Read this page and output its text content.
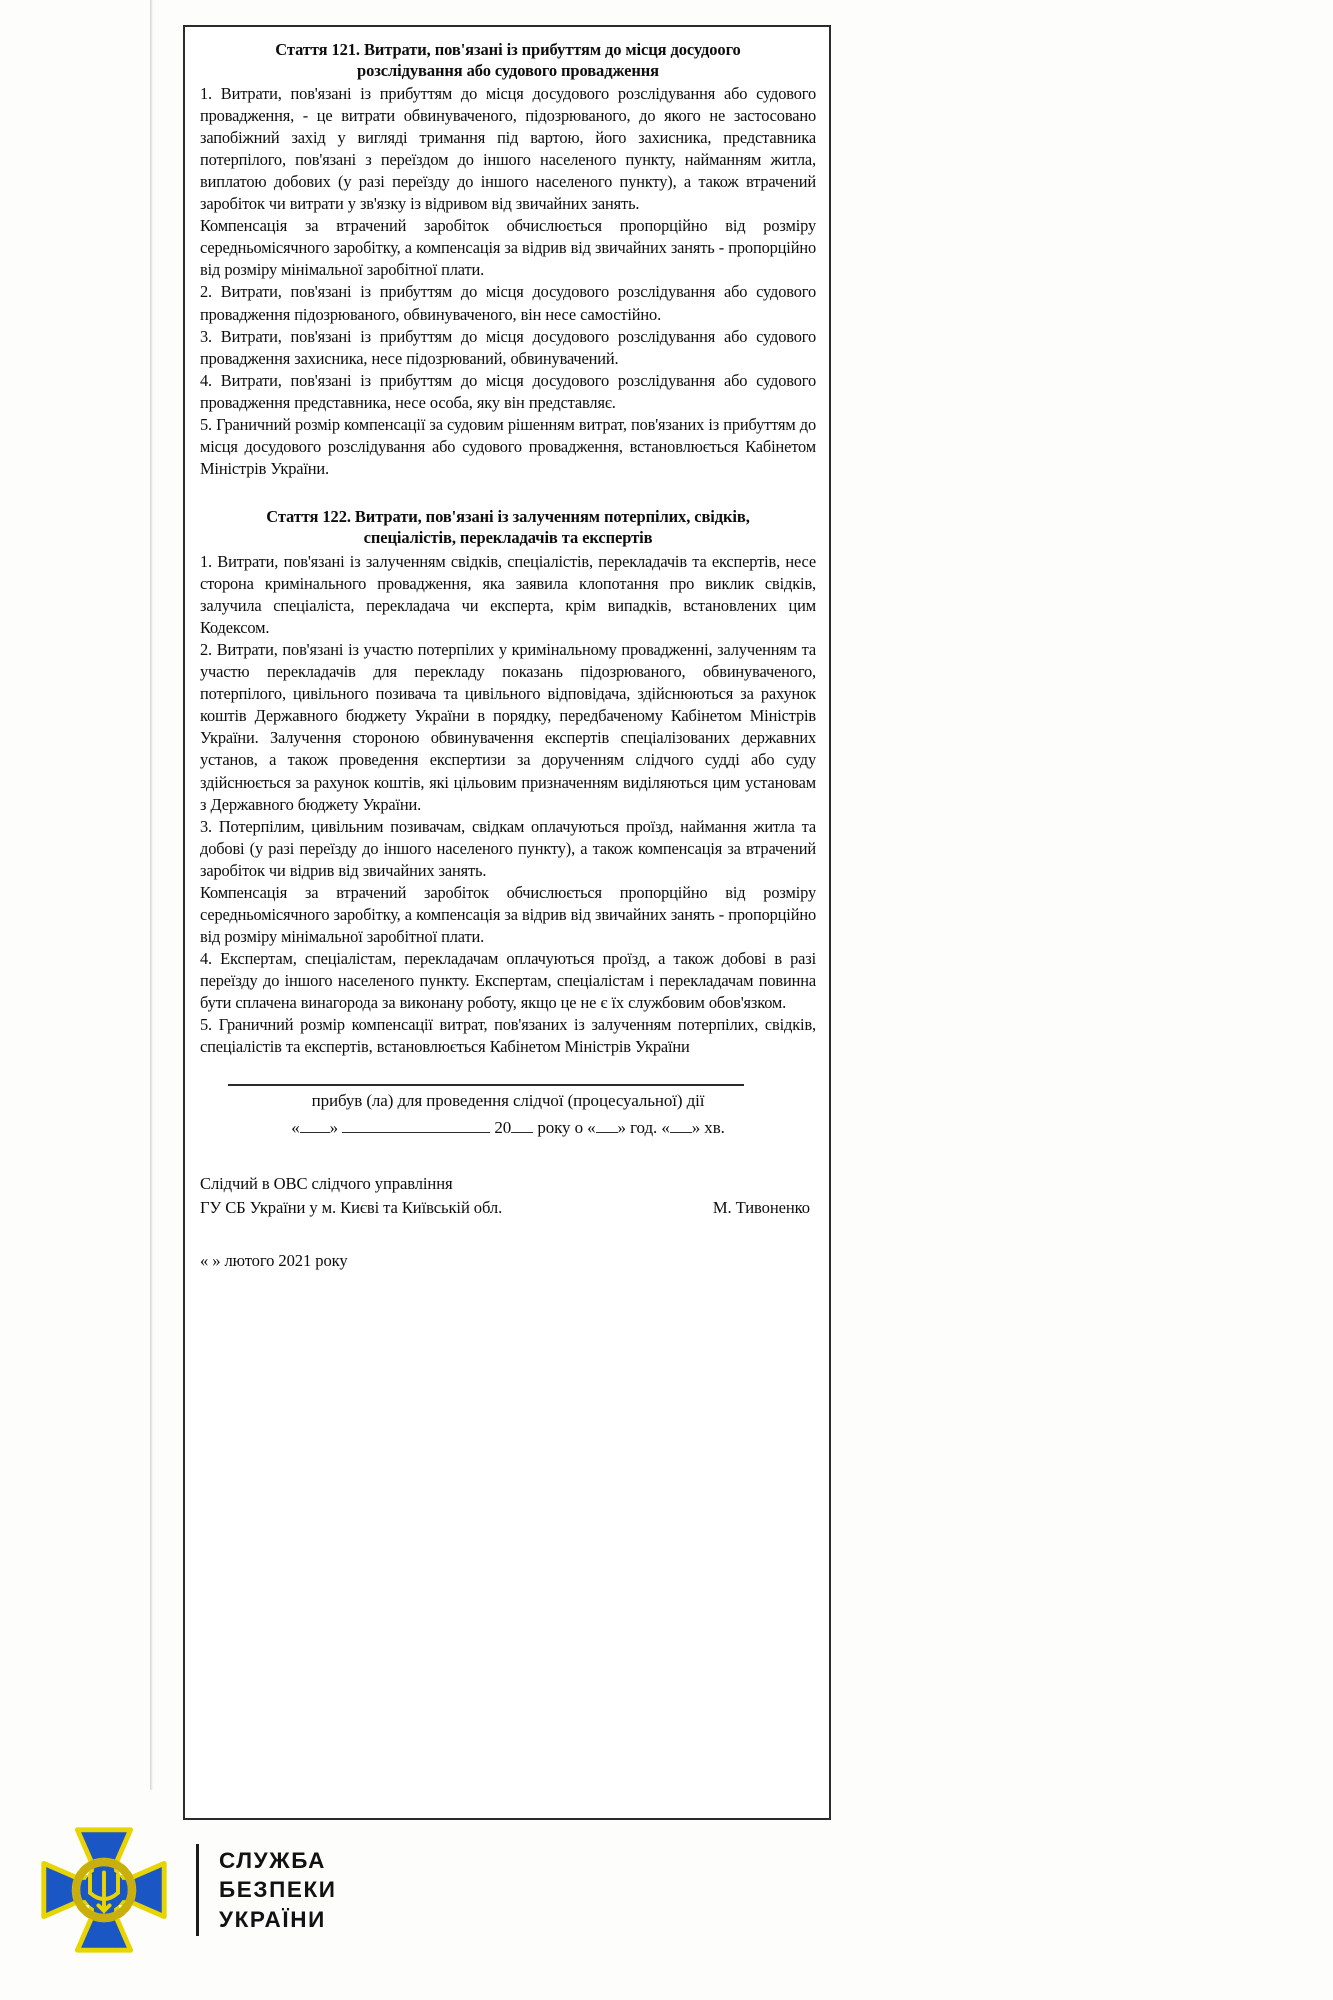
Стаття 121. Витрати, пов'язані із прибуттям до місця досудоого
розслідування або судового провадження

1. Витрати, пов'язані із прибуттям до місця досудового розслідування або судового провадження, - це витрати обвинуваченого, підозрюваного, до якого не застосовано запобіжний захід у вигляді тримання під вартою, його захисника, представника потерпілого, пов'язані з переїздом до іншого населеного пункту, найманням житла, виплатою добових (у разі переїзду до іншого населеного пункту), а також втрачений заробіток чи витрати у зв'язку із відривом від звичайних занять.

Компенсація за втрачений заробіток обчислюється пропорційно від розміру середньомісячного заробітку, а компенсація за відрив від звичайних занять - пропорційно від розміру мінімальної заробітної плати.

2. Витрати, пов'язані із прибуттям до місця досудового розслідування або судового провадження підозрюваного, обвинуваченого, він несе самостійно.

3. Витрати, пов'язані із прибуттям до місця досудового розслідування або судового провадження захисника, несе підозрюваний, обвинувачений.

4. Витрати, пов'язані із прибуттям до місця досудового розслідування або судового провадження представника, несе особа, яку він представляє.

5. Граничний розмір компенсації за судовим рішенням витрат, пов'язаних із прибуттям до місця досудового розслідування або судового провадження, встановлюється Кабінетом Міністрів України.

Стаття 122. Витрати, пов'язані із залученням потерпілих, свідків,
спеціалістів, перекладачів та експертів

1. Витрати, пов'язані із залученням свідків, спеціалістів, перекладачів та експертів, несе сторона кримінального провадження, яка заявила клопотання про виклик свідків, залучила спеціаліста, перекладача чи експерта, крім випадків, встановлених цим Кодексом.

2. Витрати, пов'язані із участю потерпілих у кримінальному провадженні, залученням та участю перекладачів для перекладу показань підозрюваного, обвинуваченого, потерпілого, цивільного позивача та цивільного відповідача, здійснюються за рахунок коштів Державного бюджету України в порядку, передбаченому Кабінетом Міністрів України. Залучення стороною обвинувачення експертів спеціалізованих державних установ, а також проведення експертизи за дорученням слідчого судді або суду здійснюється за рахунок коштів, які цільовим призначенням виділяються цим установам з Державного бюджету України.

3. Потерпілим, цивільним позивачам, свідкам оплачуються проїзд, наймання житла та добові (у разі переїзду до іншого населеного пункту), а також компенсація за втрачений заробіток чи відрив від звичайних занять.

Компенсація за втрачений заробіток обчислюється пропорційно від розміру середньомісячного заробітку, а компенсація за відрив від звичайних занять - пропорційно від розміру мінімальної заробітної плати.

4. Експертам, спеціалістам, перекладачам оплачуються проїзд, а також добові в разі переїзду до іншого населеного пункту. Експертам, спеціалістам і перекладачам повинна бути сплачена винагорода за виконану роботу, якщо це не є їх службовим обов'язком.

5. Граничний розмір компенсації витрат, пов'язаних із залученням потерпілих, свідків, спеціалістів та експертів, встановлюється Кабінетом Міністрів України

прибув (ла) для проведення слідчої (процесуальної) дії
« »	20 року о « » год. « » хв.
Слідчий в ОВС слідчого управління
ГУ СБ України у м. Києві та Київській обл.	М. Тивоненко
« » лютого 2021 року
СЛУЖБА
БЕЗПЕКИ
УКРАЇНИ
